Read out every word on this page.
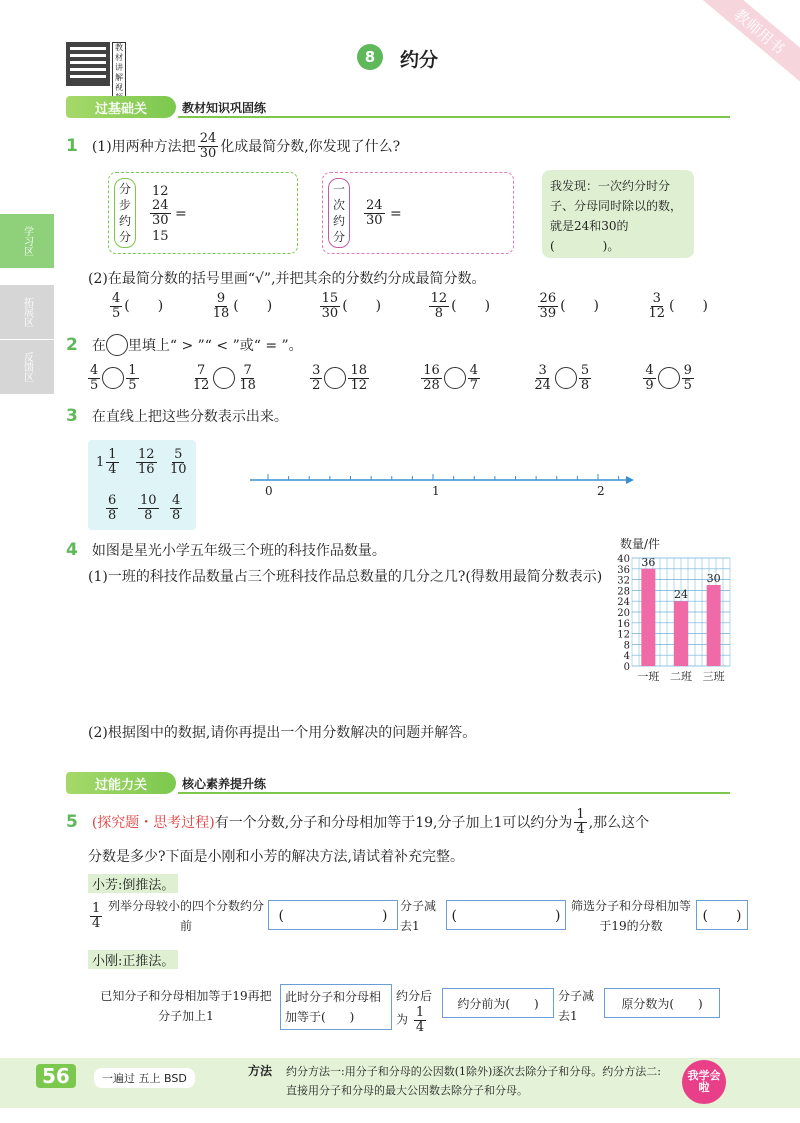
教师用书
教材讲解视
8 约分
学习区
拓展区
反馈区
过基础关	教材知识巩固练
1 (1)用两种方法把 $\frac{24}{30}$ 化成最简分数,你发现了什么?
分步约分
12
$\frac{24}{30}$ =
15
一次约分
$\frac{24}{30}$ =
我发现：一次约分时分子、分母同时除以的数，就是24和30的(　　　　)。
(2)在最简分数的括号里画“√”,并把其余的分数约分成最简分数。
$\frac{4}{5}$ (　　)	$\frac{9}{18}$ (　　)	$\frac{15}{30}$ (　　)	$\frac{12}{8}$ (　　)	$\frac{26}{39}$ (　　)	$\frac{3}{12}$ (　　)
2 在 里填上“ > ”“ < ”或“ = ”。
$\frac{4}{5} \frac{1}{5}$	$\frac{7}{12} \frac{7}{18}$	$\frac{3}{2} \frac{18}{12}$	$\frac{16}{28} \frac{4}{7}$	$\frac{3}{24} \frac{5}{8}$	$\frac{4}{9} \frac{9}{5}$
3 在直线上把这些分数表示出来。
$1 \frac{1}{4} \frac{12}{16} \frac{5}{10}$
$\frac{6}{8} \frac{10}{8} \frac{4}{8}$
0	1	2
4 如图是星光小学五年级三个班的科技作品数量。
(1)一班的科技作品数量占三个班科技作品总数量的几分之几?(得数用最简分数表示)
(2)根据图中的数据,请你再提出一个用分数解决的问题并解答。
数量/件
0
4
8
12
16
20
24
28
32
36
40 36
一班
24
二班
30
三班
过能力关	核心素养提升练
5 (探究题・思考过程) 有一个分数,分子和分母相加等于19,分子加上1可以约分为 $\frac{1}{4}$ ,那么这个
分数是多少?下面是小刚和小芳的解决方法,请试着补充完整。
小芳:倒推法。
$\frac{1}{4}$ 列举分母较小的四个分数约分前
(　　　　　　　)
分子减去1
(　　　　　　　)
筛选分子和分母相加等于19的分数
(　　)
小刚:正推法。
已知分子和分母相加等于19再把分子加上1
此时分子和分母相加等于(　　)
约分后为 $\frac{1}{4}$
约分前为(　　)
分子减去1
原分数为(　　)
56	一遍过 五上 BSD
方法 约分方法一:用分子和分母的公因数(1除外)逐次去除分子和分母。约分方法二:直接用分子和分母的最大公因数去除分子和分母。
我学会啦
